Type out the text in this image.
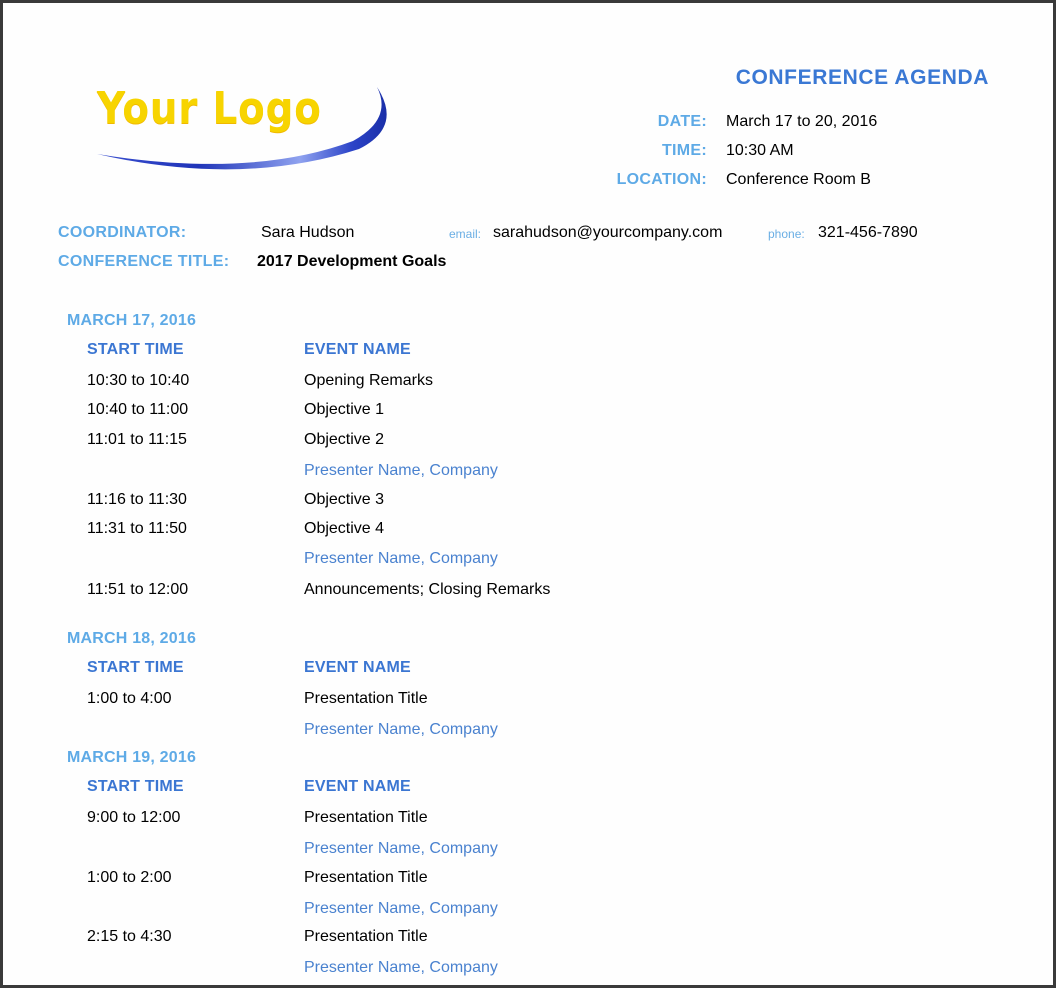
Your Logo
CONFERENCE AGENDA
DATE: March 17 to 20, 2016
TIME: 10:30 AM
LOCATION: Conference Room B
COORDINATOR:	Sara Hudson	email: sarahudson@yourcompany.com	phone: 321-456-7890
CONFERENCE TITLE: 2017 Development Goals
MARCH 17, 2016
START TIME	EVENT NAME
10:30 to 10:40	Opening Remarks
10:40 to 11:00	Objective 1
11:01 to 11:15	Objective 2
Presenter Name, Company
11:16 to 11:30	Objective 3
11:31 to 11:50	Objective 4
Presenter Name, Company
11:51 to 12:00	Announcements; Closing Remarks
MARCH 18, 2016
START TIME	EVENT NAME
1:00 to 4:00	Presentation Title
Presenter Name, Company
MARCH 19, 2016
START TIME	EVENT NAME
9:00 to 12:00	Presentation Title
Presenter Name, Company
1:00 to 2:00	Presentation Title
Presenter Name, Company
2:15 to 4:30	Presentation Title
Presenter Name, Company
